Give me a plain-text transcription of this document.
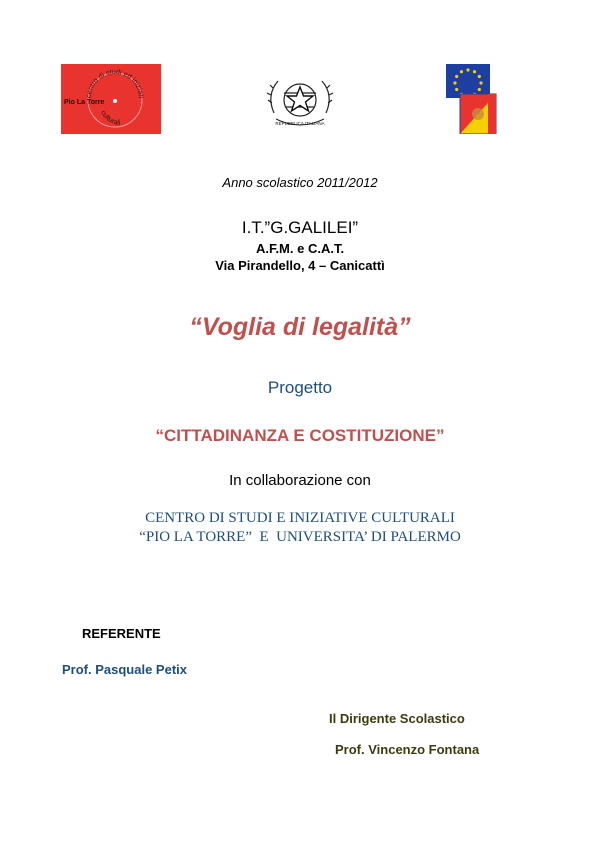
centro di studi ed iniziati
culturali
Pio La Torre
REPUBBLICA ITALIANA
Anno scolastico 2011/2012
I.T.”G.GALILEI”
A.F.M. e C.A.T.
Via Pirandello, 4 – Canicattì
“Voglia di legalità”
Progetto
“CITTADINANZA E COSTITUZIONE”
In collaborazione con
CENTRO DI STUDI E INIZIATIVE CULTURALI
“PIO LA TORRE”  E  UNIVERSITA’ DI PALERMO
REFERENTE
Prof. Pasquale Petix
Il Dirigente Scolastico
Prof. Vincenzo Fontana
